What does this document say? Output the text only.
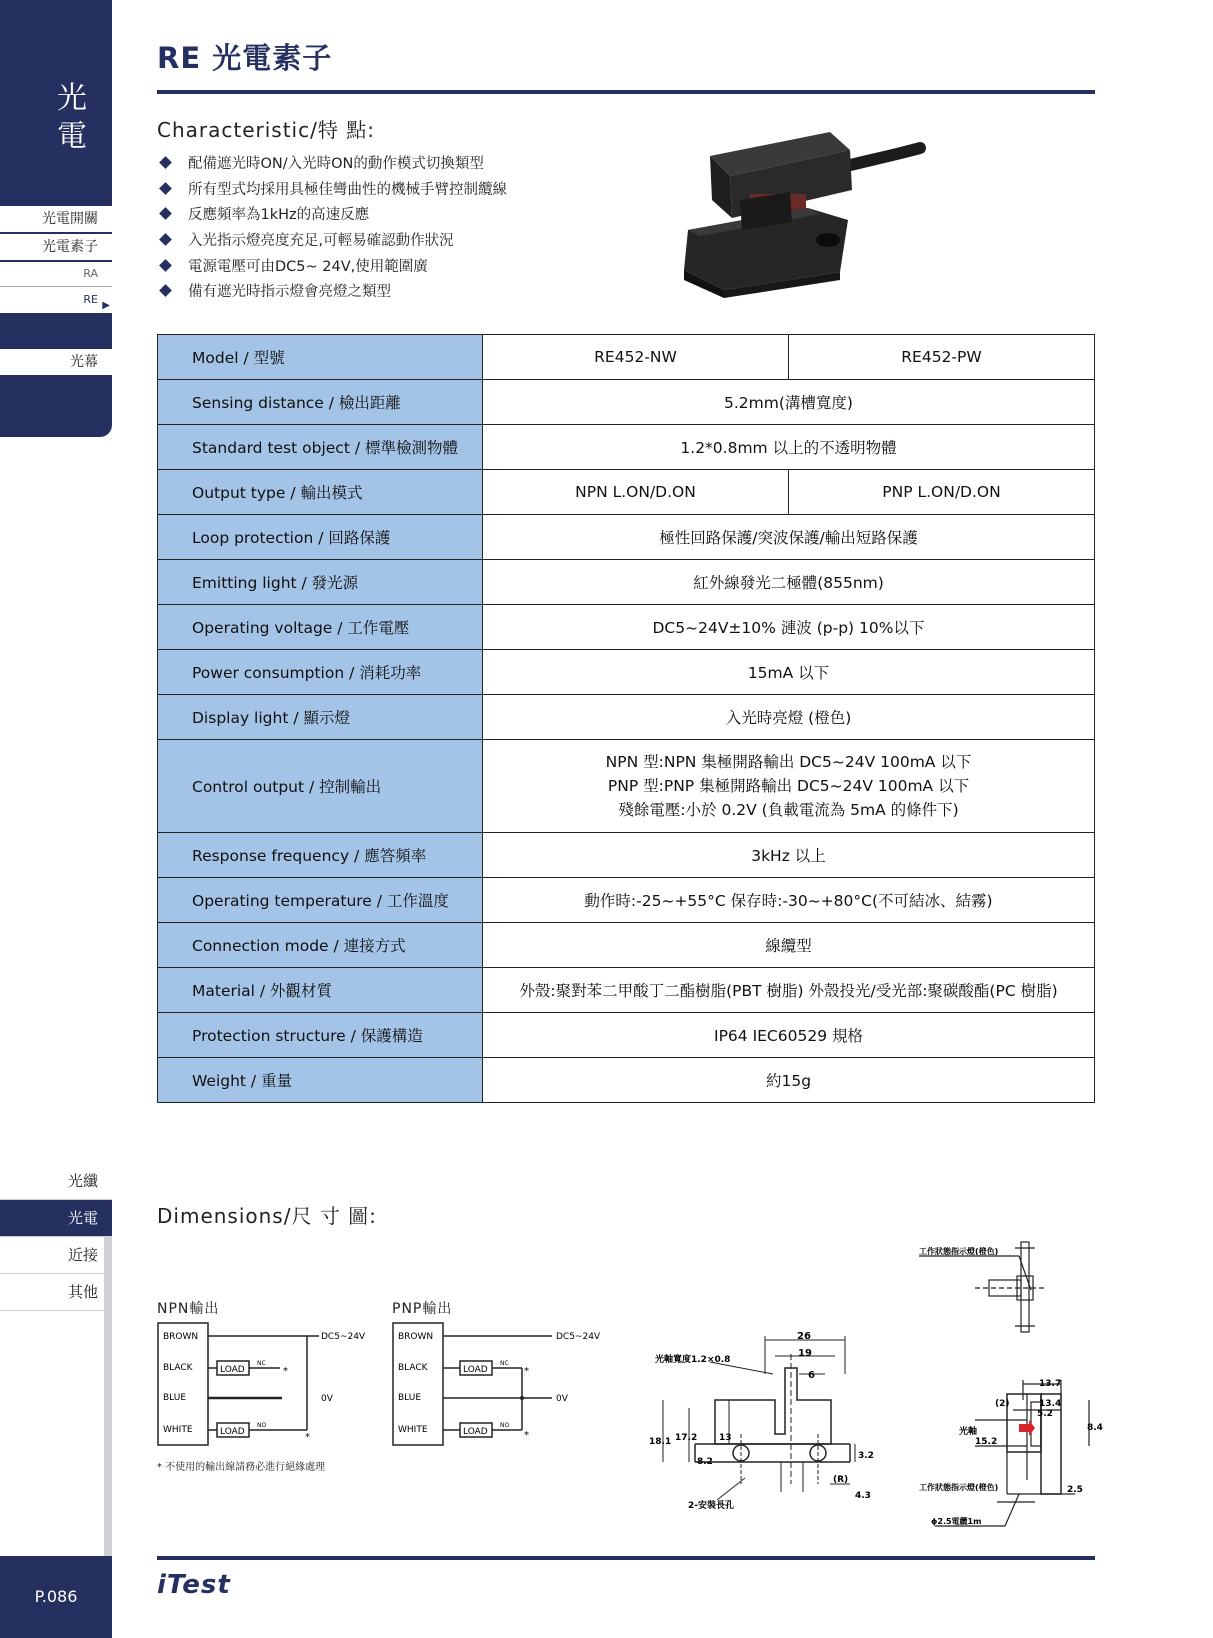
光
電
光電開關
光電素子
RA
RE ▶
光幕
光纖
光電
近接
其他
P.086
RE 光電素子
Characteristic/特 點:
配備遮光時ON/入光時ON的動作模式切換類型
所有型式均採用具極佳彎曲性的機械手臂控制纜線
反應頻率為1kHz的高速反應
入光指示燈亮度充足,可輕易確認動作狀況
電源電壓可由DC5~ 24V,使用範圍廣
備有遮光時指示燈會亮燈之類型
Model / 型號	RE452-NW	RE452-PW
Sensing distance / 檢出距離	5.2mm(溝槽寬度)	
Standard test object / 標準檢測物體	1.2*0.8mm 以上的不透明物體	
Output type / 輸出模式	NPN L.ON/D.ON	PNP L.ON/D.ON
Loop protection / 回路保護	極性回路保護/突波保護/輸出短路保護	
Emitting light / 發光源	紅外線發光二極體(855nm)	
Operating voltage / 工作電壓	DC5~24V±10% 漣波 (p-p) 10%以下	
Power consumption / 消耗功率	15mA 以下	
Display light / 顯示燈	入光時亮燈 (橙色)	
Control output / 控制輸出	NPN 型:NPN 集極開路輸出 DC5~24V 100mA 以下
PNP 型:PNP 集極開路輸出 DC5~24V 100mA 以下
殘餘電壓:小於 0.2V (負載電流為 5mA 的條件下)	

Response frequency / 應答頻率	3kHz 以上	
Operating temperature / 工作溫度	動作時:-25~+55°C 保存時:-30~+80°C(不可結冰、結霧)	
Connection mode / 連接方式	線纜型	
Material / 外觀材質	外殼:聚對苯二甲酸丁二酯樹脂(PBT 樹脂) 外殼投光/受光部:聚碳酸酯(PC 樹脂)	
Protection structure / 保護構造	IP64 IEC60529 規格	
Weight / 重量	約15g	
Dimensions/尺 寸 圖:
NPN輸出	PNP輸出
BROWN
BLACK
BLUE
WHITE
LOAD
NC
*
LOAD
NO
*
DC5~24V
0V
BROWN
BLACK
BLUE
WHITE
LOAD
NC
*
LOAD
NO
*
DC5~24V
0V
* 不使用的輸出線請務必進行絕緣處理
26
19
6
光軸寬度1.2×0.8
18.1 17.2 13
8.2
3.2
(R)
4.3
2-安裝長孔
工作狀態指示燈(橙色)
13.7
13.4
5.2
(2)
光軸
15.2
8.4
2.5
工作狀態指示燈(橙色)
ϕ2.5電纜1m
iTest
